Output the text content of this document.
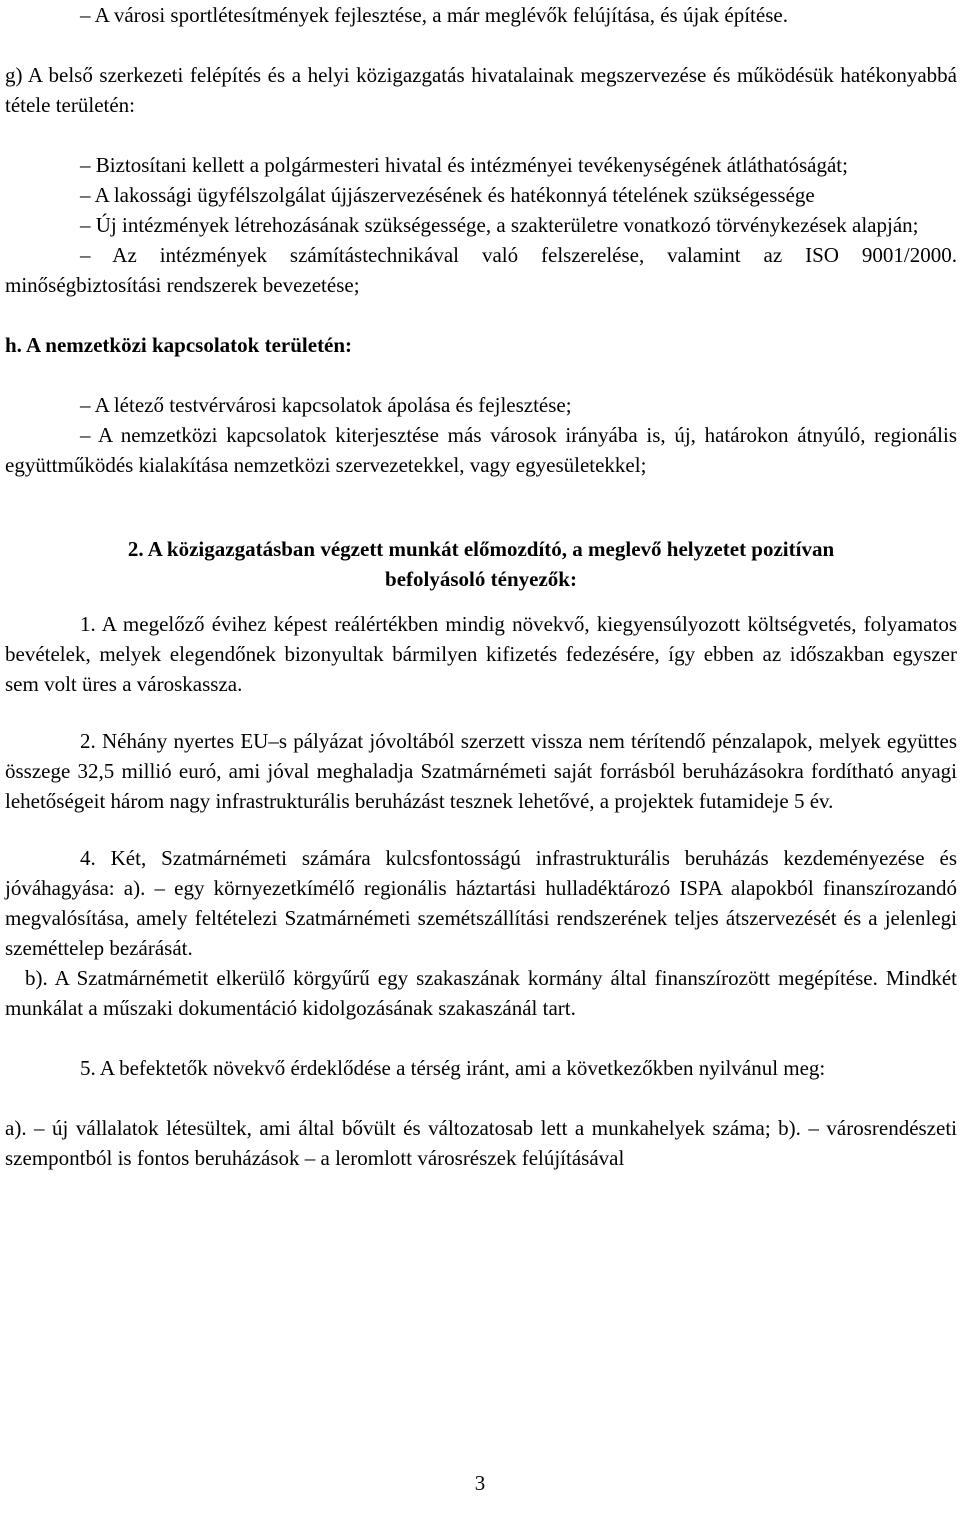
– A városi sportlétesítmények fejlesztése, a már meglévők felújítása, és újak építése.

g) A belső szerkezeti felépítés és a helyi közigazgatás hivatalainak megszervezése és működésük hatékonyabbá tétele területén:

– Biztosítani kellett a polgármesteri hivatal és intézményei tevékenységének átláthatóságát;

– A lakossági ügyfélszolgálat újjászervezésének és hatékonnyá tételének szükségessége

– Új intézmények létrehozásának szükségessége, a szakterületre vonatkozó törvénykezések alapján;

– Az intézmények számítástechnikával való felszerelése, valamint az ISO 9001/2000. minőségbiztosítási rendszerek bevezetése;

h. A nemzetközi kapcsolatok területén:

– A létező testvérvárosi kapcsolatok ápolása és fejlesztése;

– A nemzetközi kapcsolatok kiterjesztése más városok irányába is, új, határokon átnyúló, regionális együttműködés kialakítása nemzetközi szervezetekkel, vagy egyesületekkel;

2. A közigazgatásban végzett munkát előmozdító, a meglevő helyzetet pozitívan

befolyásoló tényezők:

1. A megelőző évihez képest reálértékben mindig növekvő, kiegyensúlyozott költségvetés, folyamatos bevételek, melyek elegendőnek bizonyultak bármilyen kifizetés fedezésére, így ebben az időszakban egyszer sem volt üres a városkassza.

2. Néhány nyertes EU–s pályázat jóvoltából szerzett vissza nem térítendő pénzalapok, melyek együttes összege 32,5 millió euró, ami jóval meghaladja Szatmárnémeti saját forrásból beruházásokra fordítható anyagi lehetőségeit három nagy infrastrukturális beruházást tesznek lehetővé, a projektek futamideje 5 év.

4. Két, Szatmárnémeti számára kulcsfontosságú infrastrukturális beruházás kezdeményezése és jóváhagyása: a). – egy környezetkímélő regionális háztartási hulladéktározó ISPA alapokból finanszírozandó megvalósítása, amely feltételezi Szatmárnémeti szemétszállítási rendszerének teljes átszervezését és a jelenlegi szeméttelep bezárását.

b). A Szatmárnémetit elkerülő körgyűrű egy szakaszának kormány által finanszírozött megépítése. Mindkét munkálat a műszaki dokumentáció kidolgozásának szakaszánál tart.

5. A befektetők növekvő érdeklődése a térség iránt, ami a következőkben nyilvánul meg:

a). – új vállalatok létesültek, ami által bővült és változatosab lett a munkahelyek száma; b). – városrendészeti szempontból is fontos beruházások – a leromlott városrészek felújításával

3
